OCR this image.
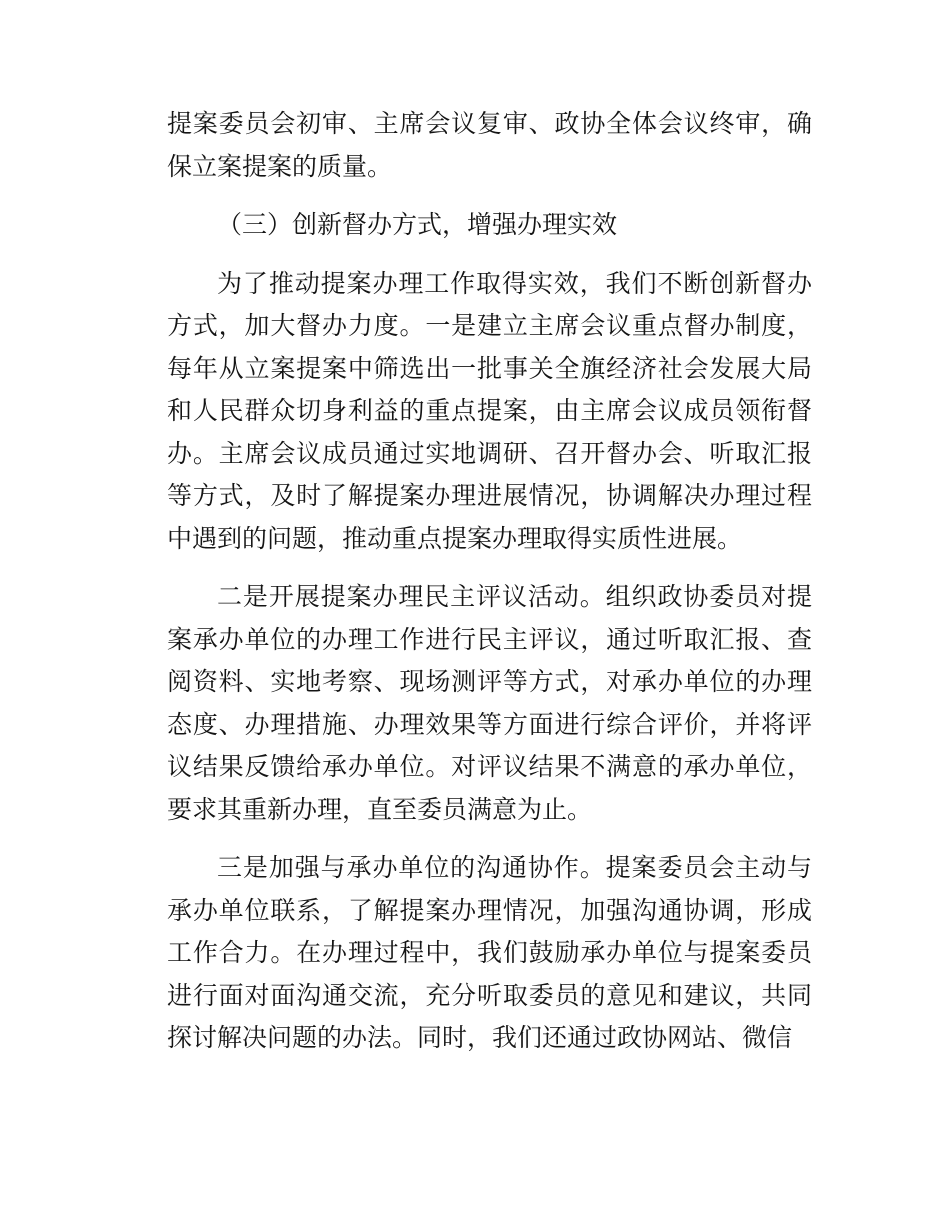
提案委员会初审、主席会议复审、政协全体会议终审，确
保立案提案的质量。
（三）创新督办方式，增强办理实效
为了推动提案办理工作取得实效，我们不断创新督办
方式，加大督办力度。一是建立主席会议重点督办制度，
每年从立案提案中筛选出一批事关全旗经济社会发展大局
和人民群众切身利益的重点提案，由主席会议成员领衔督
办。主席会议成员通过实地调研、召开督办会、听取汇报
等方式，及时了解提案办理进展情况，协调解决办理过程
中遇到的问题，推动重点提案办理取得实质性进展。
二是开展提案办理民主评议活动。组织政协委员对提
案承办单位的办理工作进行民主评议，通过听取汇报、查
阅资料、实地考察、现场测评等方式，对承办单位的办理
态度、办理措施、办理效果等方面进行综合评价，并将评
议结果反馈给承办单位。对评议结果不满意的承办单位，
要求其重新办理，直至委员满意为止。
三是加强与承办单位的沟通协作。提案委员会主动与
承办单位联系，了解提案办理情况，加强沟通协调，形成
工作合力。在办理过程中，我们鼓励承办单位与提案委员
进行面对面沟通交流，充分听取委员的意见和建议，共同
探讨解决问题的办法。同时，我们还通过政协网站、微信
